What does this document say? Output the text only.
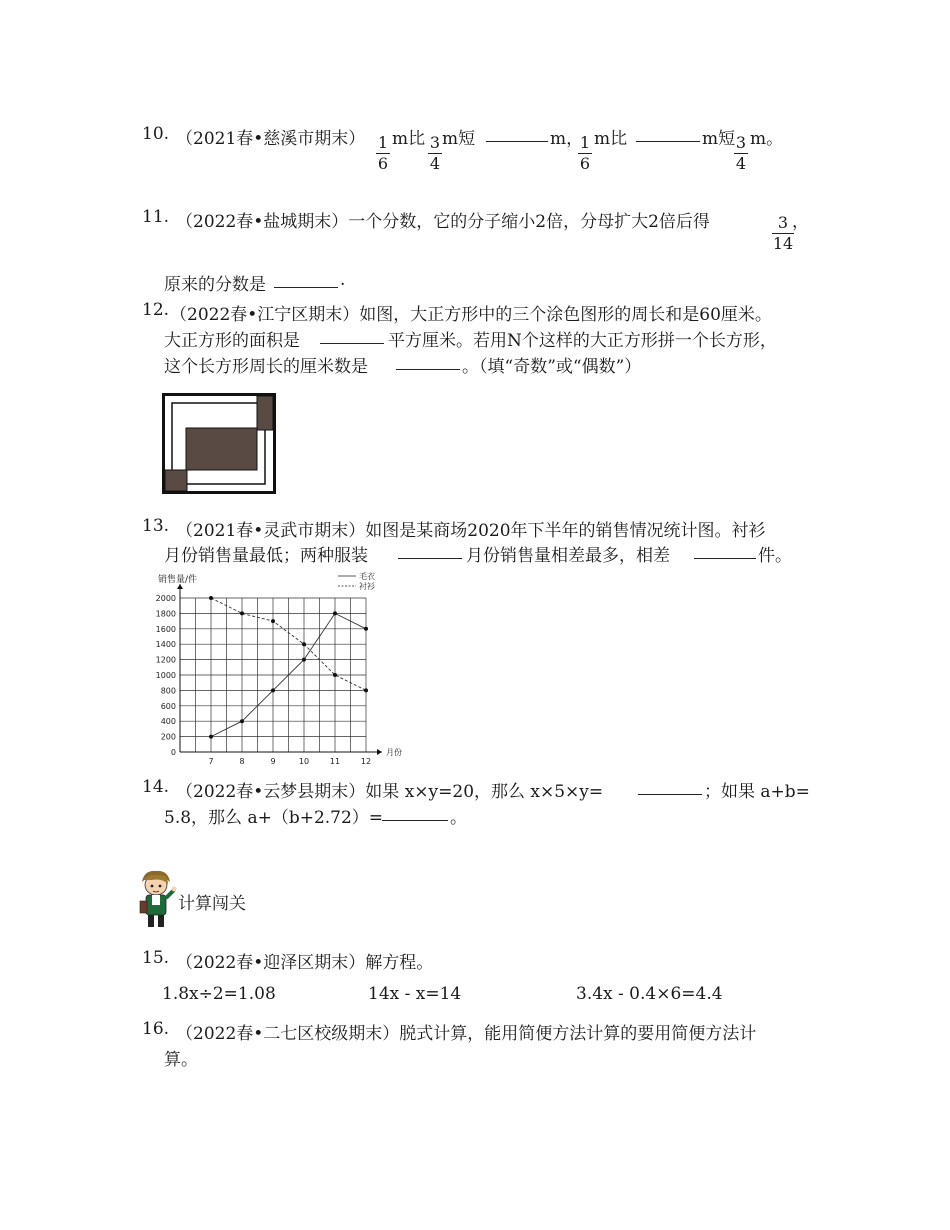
10. （2021春•慈溪市期末） 1
6
m比 3
4
m短	m，
1
6
m比	m短 3
4
m。
11. （2022春•盐城期末）一个分数，它的分子缩小2倍，分母扩大2倍后得	3
14
，
原来的分数是	.
12. （2022春•江宁区期末）如图，大正方形中的三个涂色图形的周长和是60厘米。
大正方形的面积是	平方厘米。若用N个这样的大正方形拼一个长方形，
这个长方形周长的厘米数是	。（填“奇数”或“偶数”）
13. （2021春•灵武市期末）如图是某商场2020年下半年的销售情况统计图。衬衫
月份销售量最低；两种服装	月份销售量相差最多，相差	件。
0
200
400
600
800
1000
1200
1400
1600
1800
2000
7	8	9	10	11	12
销售量/件
月份
毛衣
衬衫
14. （2022春•云梦县期末）如果 x×y=20，那么 x×5×y=	；如果 a+b=
5.8，那么 a+（b+2.72）=	。
计算闯关
15. （2022春•迎泽区期末）解方程。
1.8x÷2=1.08	14x - x=14	3.4x - 0.4×6=4.4
16. （2022春•二七区校级期末）脱式计算，能用简便方法计算的要用简便方法计
算。
